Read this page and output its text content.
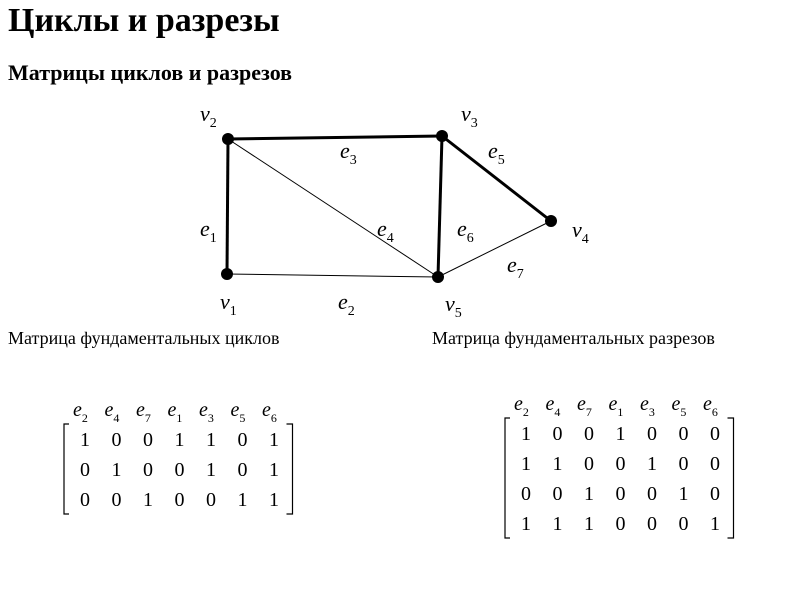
Циклы и разрезы
Матрицы циклов и разрезов
$e_1$
$e_2$
$e_3$
$e_4$
$e_5$
$e_6$
$e_7$
$v_2$	$v_3$
$v_4$
$v_1$	$v_5$
Матрица фундаментальных циклов	Матрица фундаментальных разрезов
$e_2$ $e_4$ $e_7$ $e_1$ $e_3$ $e_5$ $e_6$
1 0 0 1 1 0 1
0 1 0 0 1 0 1
0 0 1 0 0 1 1
$e_2$ $e_4$ $e_7$ $e_1$ $e_3$ $e_5$ $e_6$
1 0 0 1 0 0 0
1 1 0 0 1 0 0
0 0 1 0 0 1 0
1 1 1 0 0 0 1
